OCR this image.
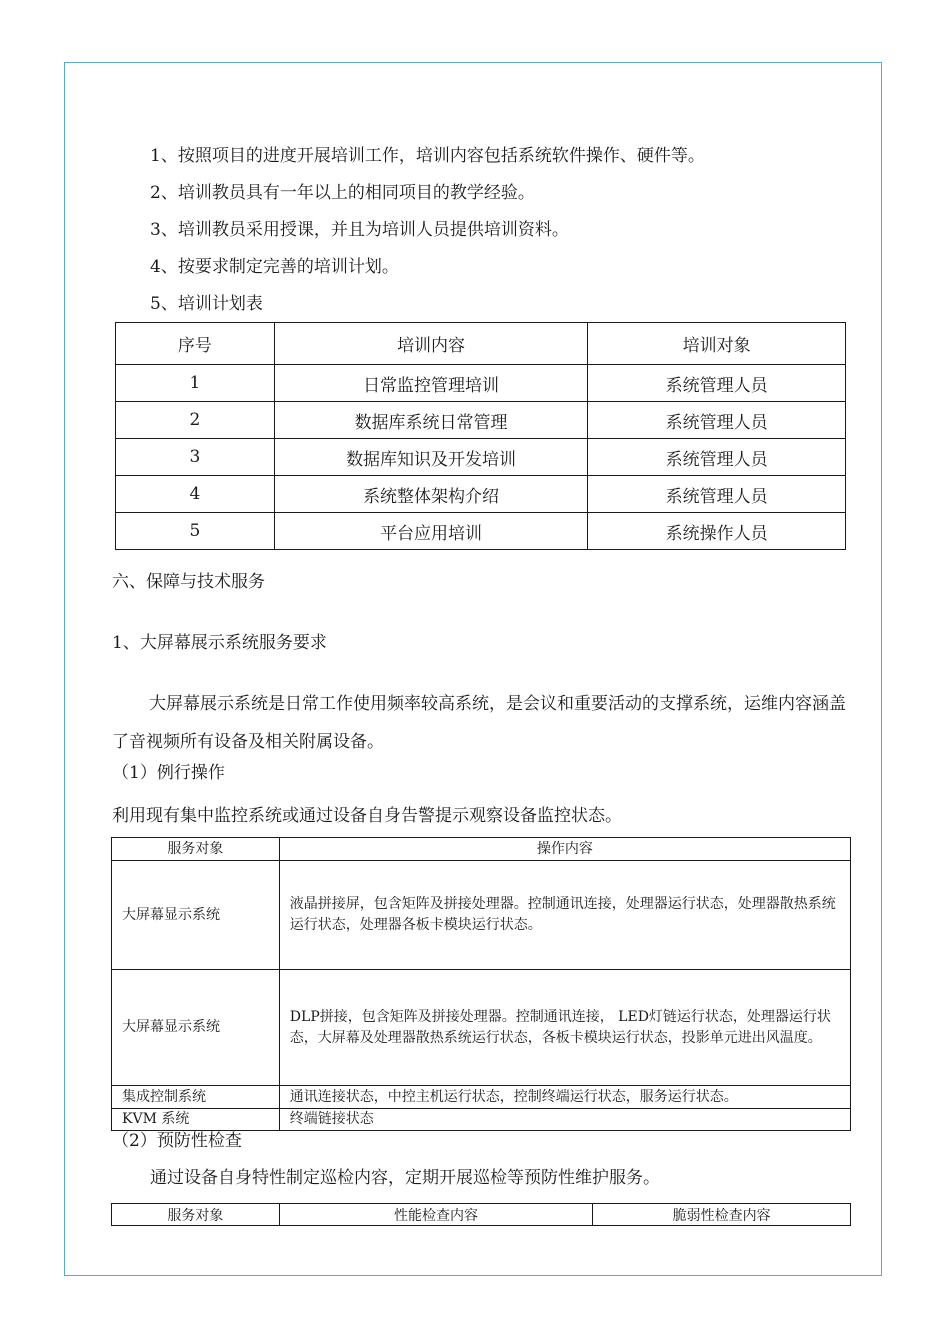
1、按照项目的进度开展培训工作，培训内容包括系统软件操作、硬件等。
2、培训教员具有一年以上的相同项目的教学经验。
3、培训教员采用授课，并且为培训人员提供培训资料。
4、按要求制定完善的培训计划。
5、培训计划表
序号	培训内容	培训对象
1	日常监控管理培训	系统管理人员
2	数据库系统日常管理	系统管理人员
3	数据库知识及开发培训	系统管理人员
4	系统整体架构介绍	系统管理人员
5	平台应用培训	系统操作人员
六、保障与技术服务
1、大屏幕展示系统服务要求
大屏幕展示系统是日常工作使用频率较高系统，是会议和重要活动的支撑系统，运维内容涵盖了音视频所有设备及相关附属设备。
（1）例行操作
利用现有集中监控系统或通过设备自身告警提示观察设备监控状态。
服务对象	操作内容
大屏幕显示系统	液晶拼接屏，包含矩阵及拼接处理器。控制通讯连接，处理器运行状态，处理器散热系统运行状态，处理器各板卡模块运行状态。
大屏幕显示系统	DLP拼接，包含矩阵及拼接处理器。控制通讯连接， LED灯链运行状态，处理器运行状态，大屏幕及处理器散热系统运行状态，各板卡模块运行状态，投影单元进出风温度。
集成控制系统	通讯连接状态，中控主机运行状态，控制终端运行状态，服务运行状态。
KVM 系统	终端链接状态
（2）预防性检查
通过设备自身特性制定巡检内容，定期开展巡检等预防性维护服务。
服务对象	性能检查内容	脆弱性检查内容
